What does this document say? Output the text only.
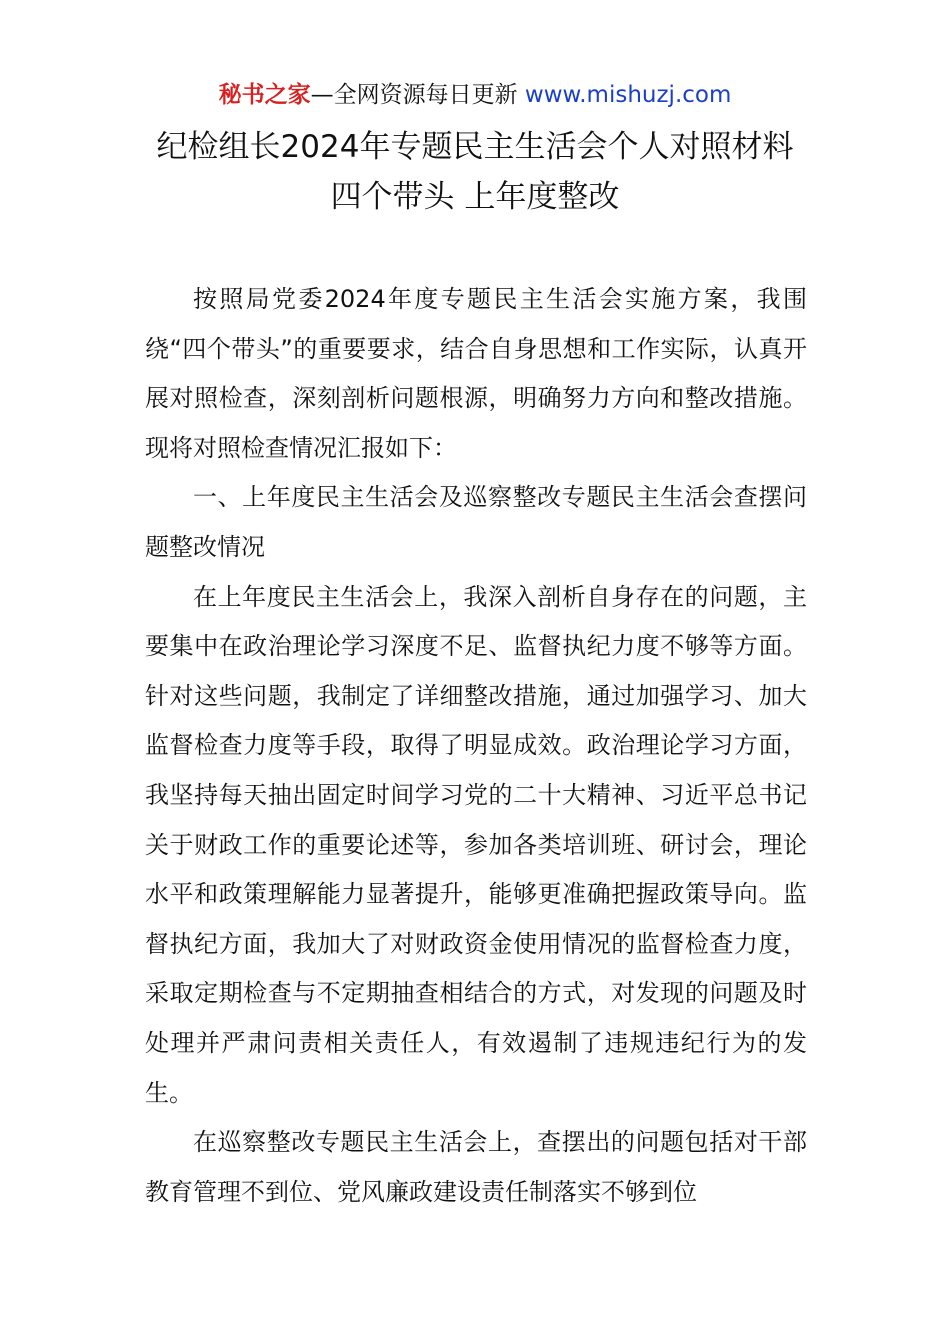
秘书之家—全网资源每日更新 www.mishuzj.com
纪检组长2024年专题民主生活会个人对照材料
四个带头 上年度整改

按照局党委2024年度专题民主生活会实施方案，我围绕“四个带头”的重要要求，结合自身思想和工作实际，认真开展对照检查，深刻剖析问题根源，明确努力方向和整改措施。现将对照检查情况汇报如下：

一、上年度民主生活会及巡察整改专题民主生活会查摆问题整改情况

在上年度民主生活会上，我深入剖析自身存在的问题，主要集中在政治理论学习深度不足、监督执纪力度不够等方面。针对这些问题，我制定了详细整改措施，通过加强学习、加大监督检查力度等手段，取得了明显成效。政治理论学习方面，我坚持每天抽出固定时间学习党的二十大精神、习近平总书记关于财政工作的重要论述等，参加各类培训班、研讨会，理论水平和政策理解能力显著提升，能够更准确把握政策导向。监督执纪方面，我加大了对财政资金使用情况的监督检查力度，采取定期检查与不定期抽查相结合的方式，对发现的问题及时处理并严肃问责相关责任人，有效遏制了违规违纪行为的发生。

在巡察整改专题民主生活会上，查摆出的问题包括对干部教育管理不到位、党风廉政建设责任制落实不够到位
